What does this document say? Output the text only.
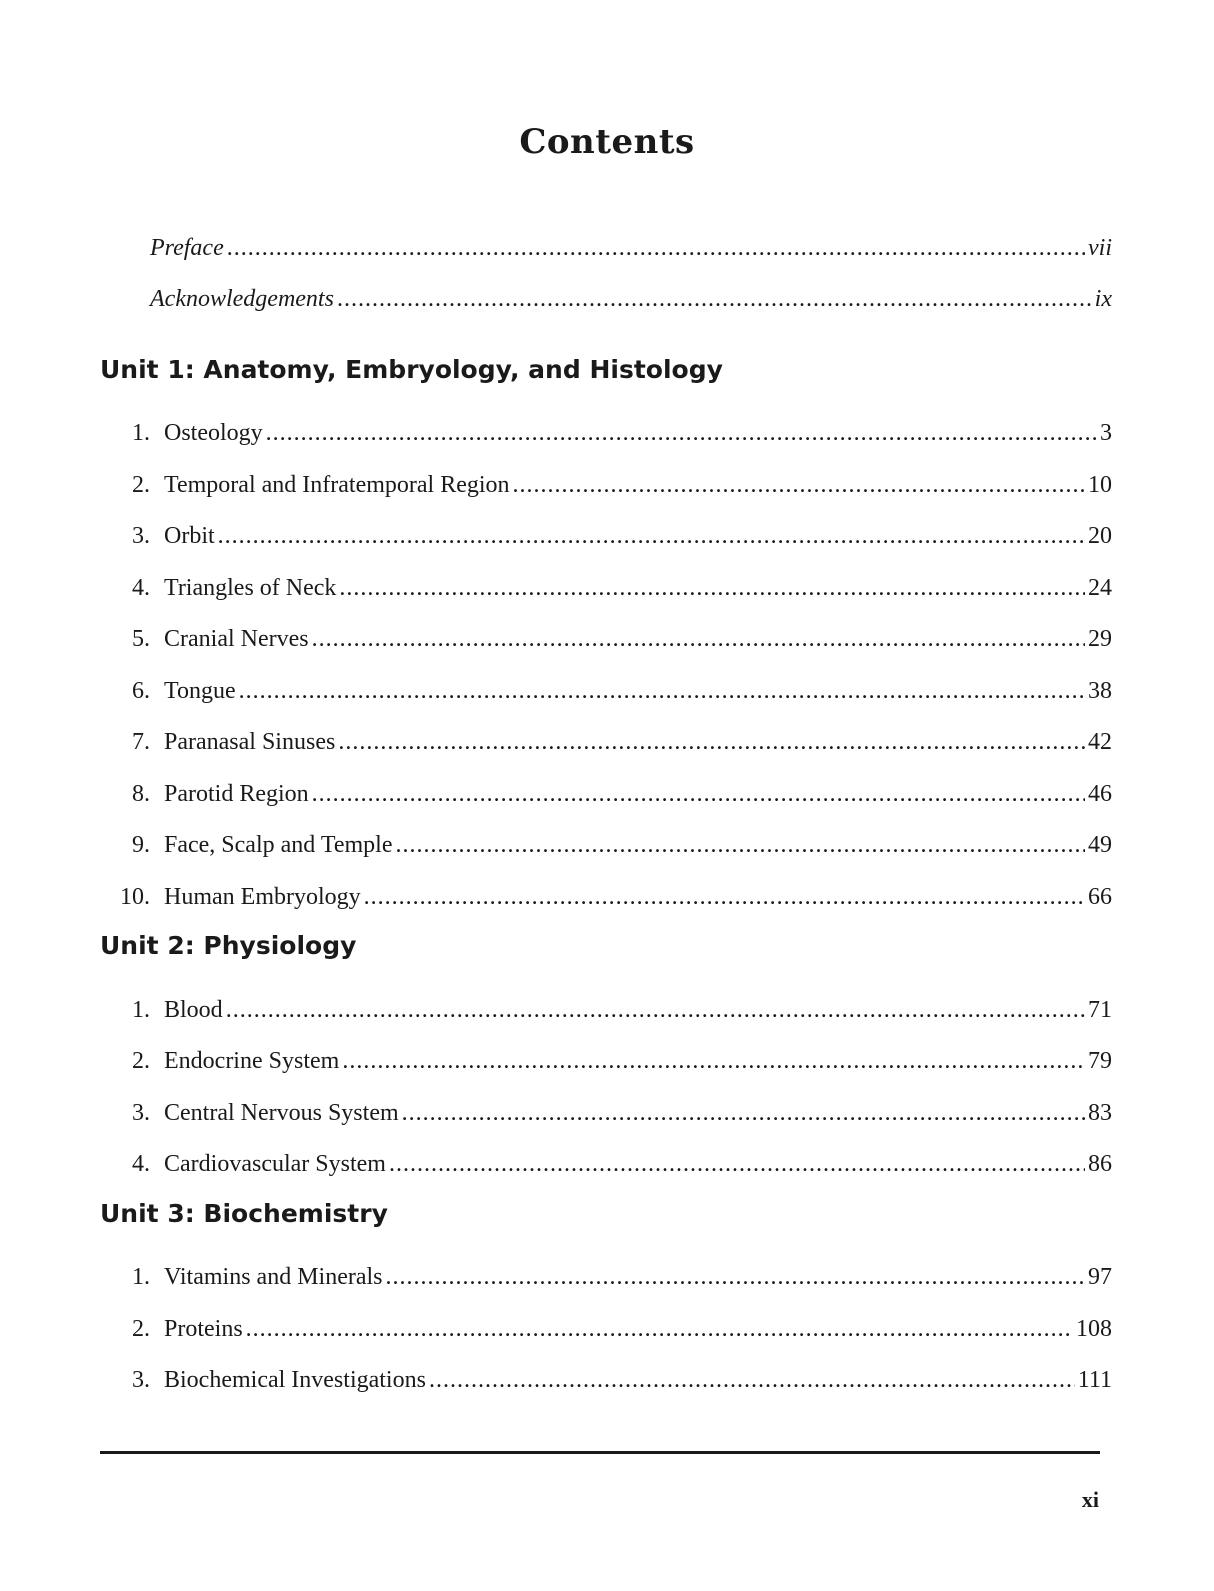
Contents
Preface .....	vii
Acknowledgements .....	ix
Unit 1: Anatomy, Embryology, and Histology
1. Osteology .....	3
2. Temporal and Infratemporal Region .....	10
3. Orbit .....	20
4. Triangles of Neck .....	24
5. Cranial Nerves .....	29
6. Tongue .....	38
7. Paranasal Sinuses .....	42
8. Parotid Region .....	46
9. Face, Scalp and Temple .....	49
10. Human Embryology .....	66
Unit 2: Physiology
1. Blood .....	71
2. Endocrine System .....	79
3. Central Nervous System .....	83
4. Cardiovascular System .....	86
Unit 3: Biochemistry
1. Vitamins and Minerals .....	97
2. Proteins .....	108
3. Biochemical Investigations .....	111
xi
